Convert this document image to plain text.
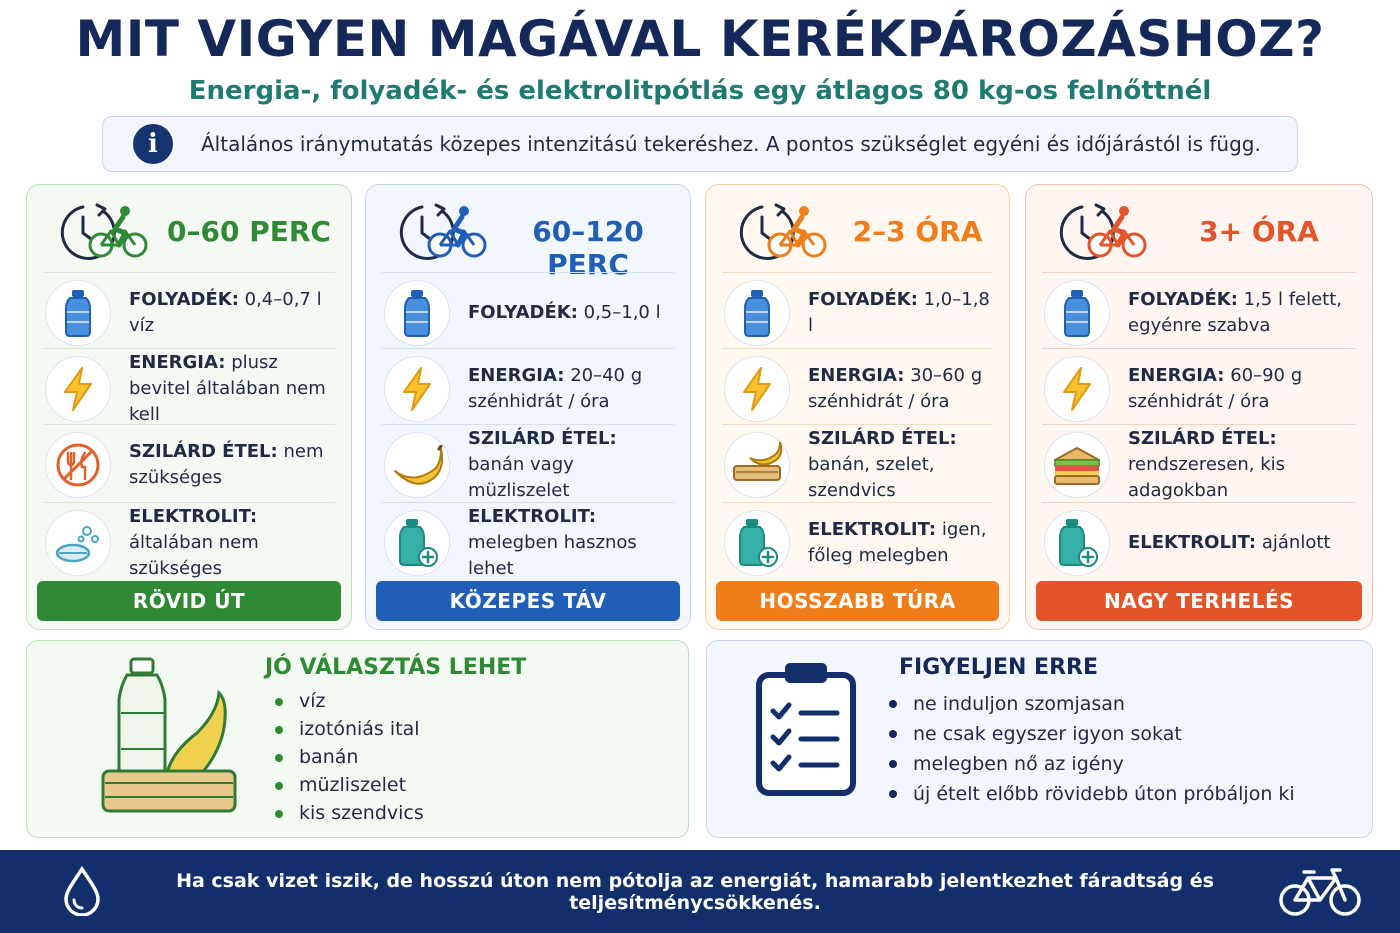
MIT VIGYEN MAGÁVAL KERÉKPÁROZÁSHOZ?
Energia-, folyadék- és elektrolitpótlás egy átlagos 80 kg-os felnőttnél
i	Általános iránymutatás közepes intenzitású tekeréshez. A pontos szükséglet egyéni és időjárástól is függ.
0–60 PERC
FOLYADÉK: 0,4–0,7 l víz
ENERGIA: plusz bevitel általában nem kell
SZILÁRD ÉTEL: nem szükséges
ELEKTROLIT: általában nem szükséges
RÖVID ÚT
60–120 PERC
FOLYADÉK: 0,5–1,0 l
ENERGIA: 20–40 g szénhidrát / óra
SZILÁRD ÉTEL: banán vagy müzliszelet
ELEKTROLIT: melegben hasznos lehet
KÖZEPES TÁV
2–3 ÓRA
FOLYADÉK: 1,0–1,8 l
ENERGIA: 30–60 g szénhidrát / óra
SZILÁRD ÉTEL: banán, szelet, szendvics
ELEKTROLIT: igen, főleg melegben
HOSSZABB TÚRA
3+ ÓRA
FOLYADÉK: 1,5 l felett, egyénre szabva
ENERGIA: 60–90 g szénhidrát / óra
SZILÁRD ÉTEL: rendszeresen, kis adagokban
ELEKTROLIT: ajánlott
NAGY TERHELÉS
JÓ VÁLASZTÁS LEHET
víz
izotóniás ital
banán
müzliszelet
kis szendvics
FIGYELJEN ERRE
ne induljon szomjasan
ne csak egyszer igyon sokat
melegben nő az igény
új ételt előbb rövidebb úton próbáljon ki
Ha csak vizet iszik, de hosszú úton nem pótolja az energiát, hamarabb jelentkezhet fáradtság és teljesítménycsökkenés.
